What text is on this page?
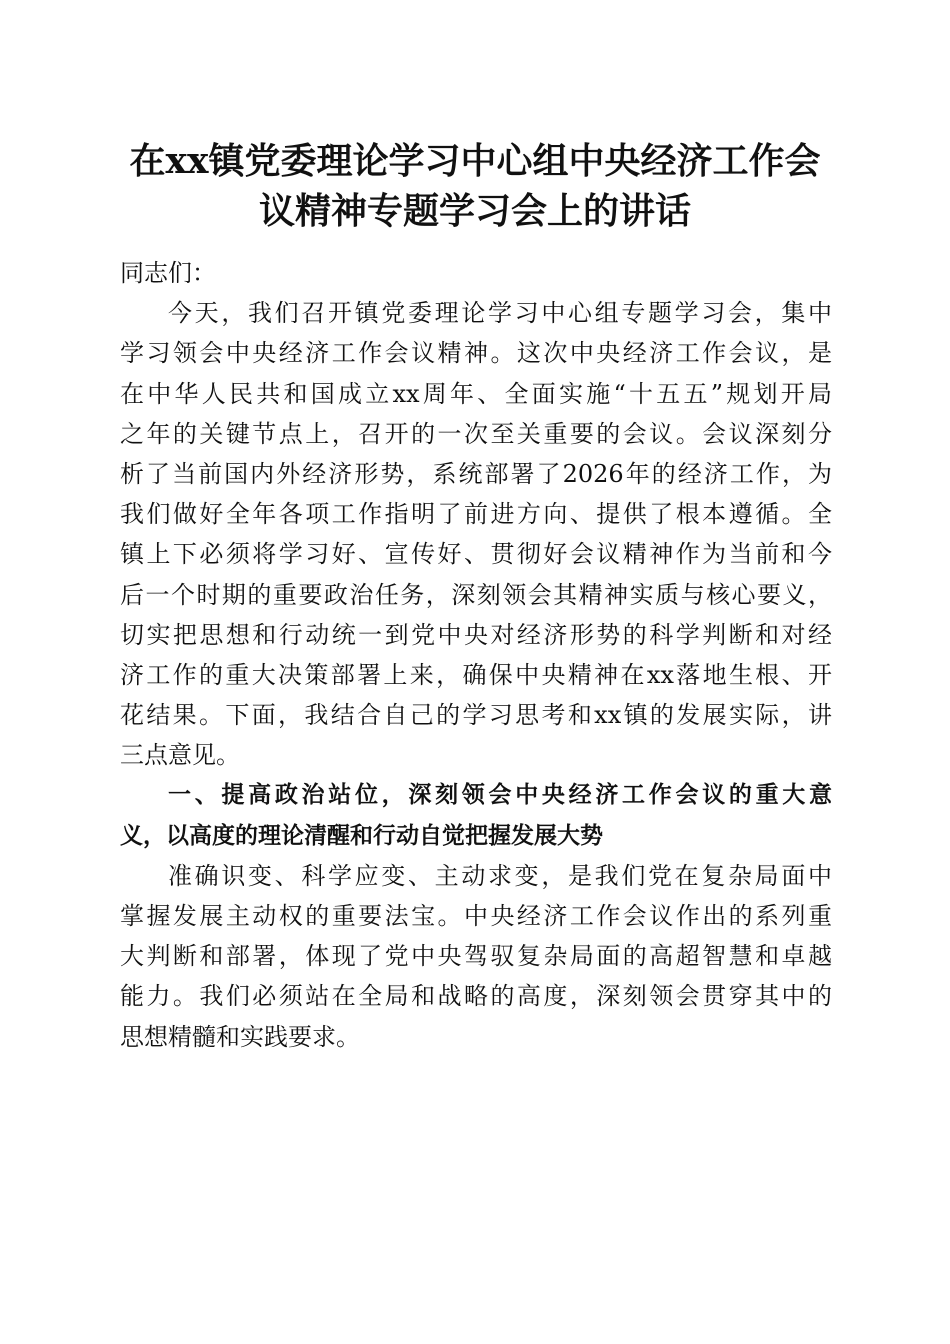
在xx镇党委理论学习中心组中央经济工作会
议精神专题学习会上的讲话
同志们：
今天，我们召开镇党委理论学习中心组专题学习会，集中
学习领会中央经济工作会议精神。这次中央经济工作会议，是
在中华人民共和国成立xx周年、全面实施“十五五”规划开局
之年的关键节点上，召开的一次至关重要的会议。会议深刻分
析了当前国内外经济形势，系统部署了2026年的经济工作，为
我们做好全年各项工作指明了前进方向、提供了根本遵循。全
镇上下必须将学习好、宣传好、贯彻好会议精神作为当前和今
后一个时期的重要政治任务，深刻领会其精神实质与核心要义，
切实把思想和行动统一到党中央对经济形势的科学判断和对经
济工作的重大决策部署上来，确保中央精神在xx落地生根、开
花结果。下面，我结合自己的学习思考和xx镇的发展实际，讲
三点意见。
一、提高政治站位，深刻领会中央经济工作会议的重大意
义，以高度的理论清醒和行动自觉把握发展大势
准确识变、科学应变、主动求变，是我们党在复杂局面中
掌握发展主动权的重要法宝。中央经济工作会议作出的系列重
大判断和部署，体现了党中央驾驭复杂局面的高超智慧和卓越
能力。我们必须站在全局和战略的高度，深刻领会贯穿其中的
思想精髓和实践要求。
